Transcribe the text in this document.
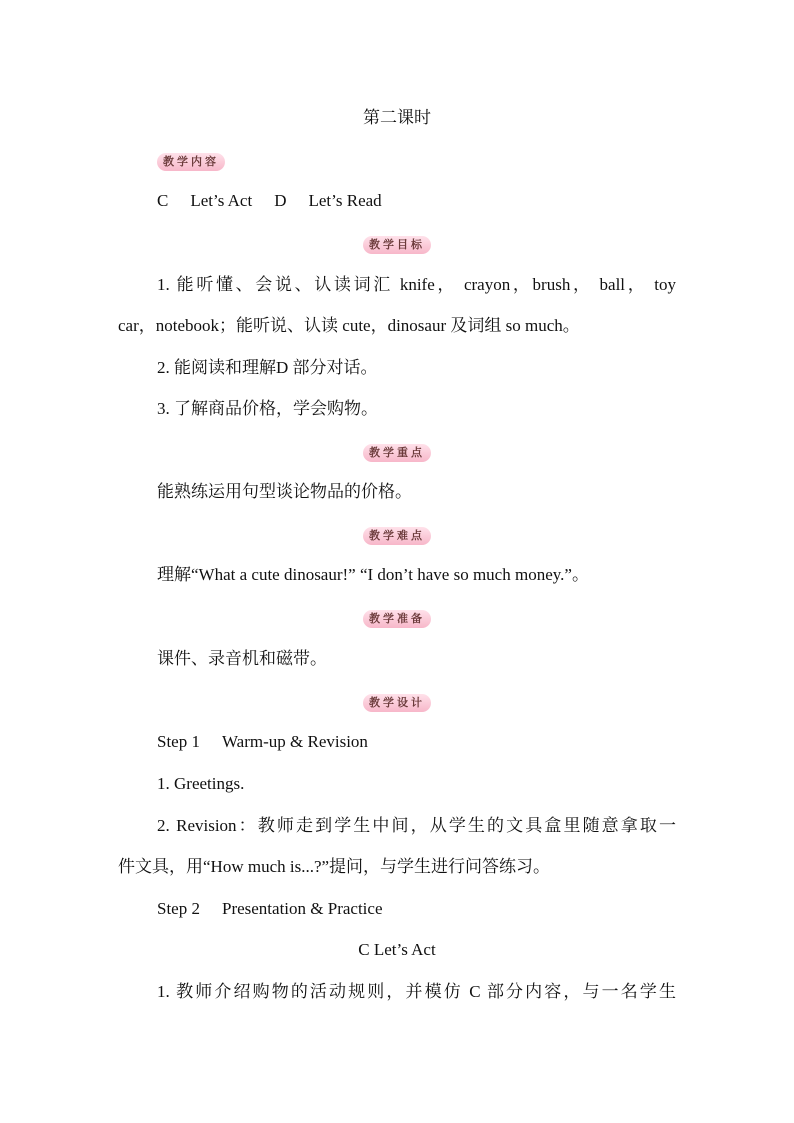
第二课时
教学内容
C Let’s Act D Let’s Read
教学目标
1. 能听懂、会说、认读词汇 knife， crayon，brush， ball， toy
car，notebook；能听说、认读 cute，dinosaur 及词组 so much。
2. 能阅读和理解D 部分对话。
3. 了解商品价格，学会购物。
教学重点
能熟练运用句型谈论物品的价格。
教学难点
理解“What a cute dinosaur!” “I don’t have so much money.”。
教学准备
课件、录音机和磁带。
教学设计
Step 1 Warm-up & Revision
1. Greetings.
2. Revision：教师走到学生中间，从学生的文具盒里随意拿取一
件文具，用“How much is...?”提问，与学生进行问答练习。
Step 2 Presentation & Practice
C Let’s Act
1. 教师介绍购物的活动规则，并模仿 C 部分内容，与一名学生
